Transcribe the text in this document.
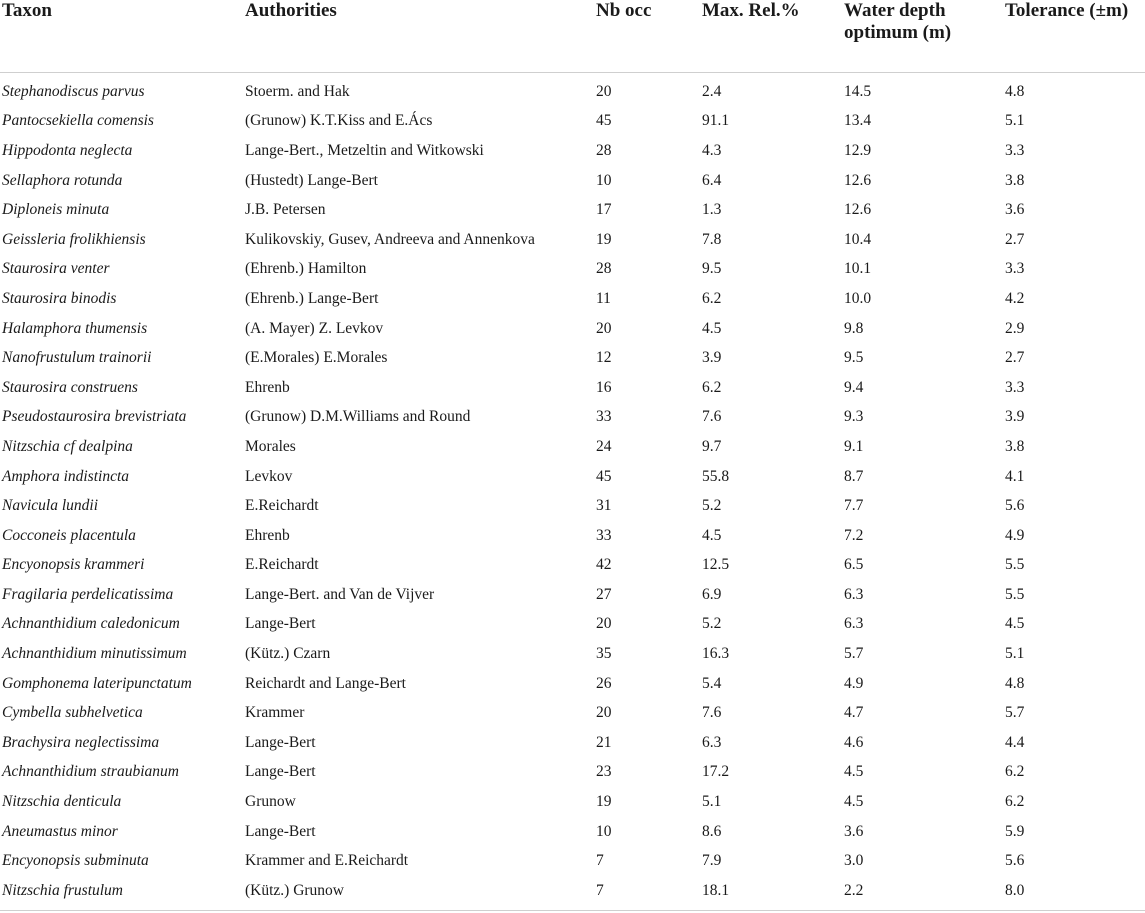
Taxon	Authorities	Nb occ	Max. Rel.%	Water depth optimum (m)	Tolerance (±m)
Stephanodiscus parvus	Stoerm. and Hak	20	2.4	14.5	4.8
Pantocsekiella comensis	(Grunow) K.T.Kiss and E.Ács	45	91.1	13.4	5.1
Hippodonta neglecta	Lange-Bert., Metzeltin and Witkowski	28	4.3	12.9	3.3
Sellaphora rotunda	(Hustedt) Lange-Bert	10	6.4	12.6	3.8
Diploneis minuta	J.B. Petersen	17	1.3	12.6	3.6
Geissleria frolikhiensis	Kulikovskiy, Gusev, Andreeva and Annenkova	19	7.8	10.4	2.7
Staurosira venter	(Ehrenb.) Hamilton	28	9.5	10.1	3.3
Staurosira binodis	(Ehrenb.) Lange-Bert	11	6.2	10.0	4.2
Halamphora thumensis	(A. Mayer) Z. Levkov	20	4.5	9.8	2.9
Nanofrustulum trainorii	(E.Morales) E.Morales	12	3.9	9.5	2.7
Staurosira construens	Ehrenb	16	6.2	9.4	3.3
Pseudostaurosira brevistriata	(Grunow) D.M.Williams and Round	33	7.6	9.3	3.9
Nitzschia cf dealpina	Morales	24	9.7	9.1	3.8
Amphora indistincta	Levkov	45	55.8	8.7	4.1
Navicula lundii	E.Reichardt	31	5.2	7.7	5.6
Cocconeis placentula	Ehrenb	33	4.5	7.2	4.9
Encyonopsis krammeri	E.Reichardt	42	12.5	6.5	5.5
Fragilaria perdelicatissima	Lange-Bert. and Van de Vijver	27	6.9	6.3	5.5
Achnanthidium caledonicum	Lange-Bert	20	5.2	6.3	4.5
Achnanthidium minutissimum	(Kütz.) Czarn	35	16.3	5.7	5.1
Gomphonema lateripunctatum	Reichardt and Lange-Bert	26	5.4	4.9	4.8
Cymbella subhelvetica	Krammer	20	7.6	4.7	5.7
Brachysira neglectissima	Lange-Bert	21	6.3	4.6	4.4
Achnanthidium straubianum	Lange-Bert	23	17.2	4.5	6.2
Nitzschia denticula	Grunow	19	5.1	4.5	6.2
Aneumastus minor	Lange-Bert	10	8.6	3.6	5.9
Encyonopsis subminuta	Krammer and E.Reichardt	7	7.9	3.0	5.6
Nitzschia frustulum	(Kütz.) Grunow	7	18.1	2.2	8.0
